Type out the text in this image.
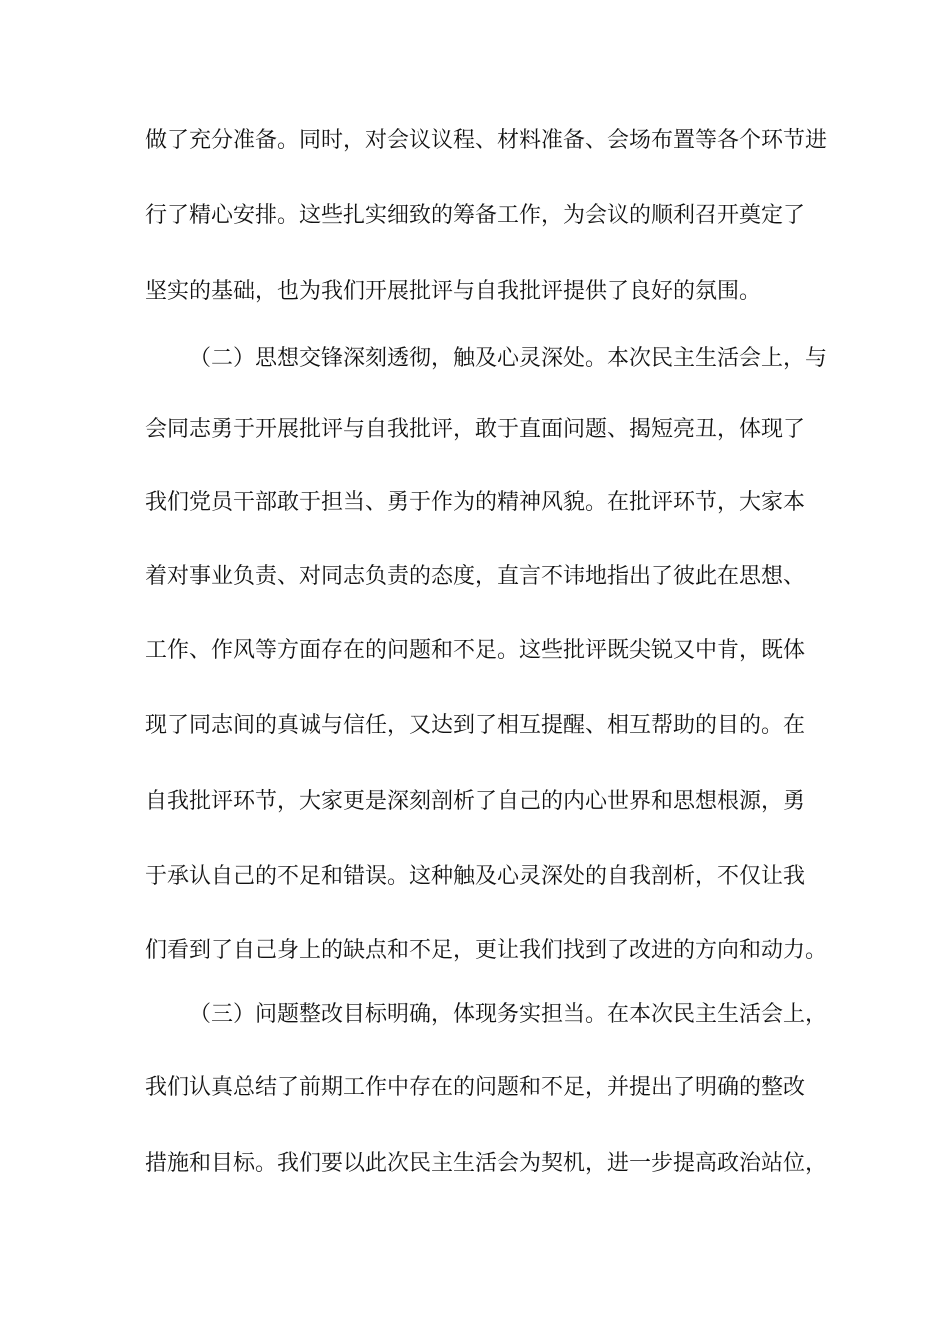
做了充分准备。同时，对会议议程、材料准备、会场布置等各个环节进
行了精心安排。这些扎实细致的筹备工作，为会议的顺利召开奠定了
坚实的基础，也为我们开展批评与自我批评提供了良好的氛围。
（二）思想交锋深刻透彻，触及心灵深处。本次民主生活会上，与
会同志勇于开展批评与自我批评，敢于直面问题、揭短亮丑，体现了
我们党员干部敢于担当、勇于作为的精神风貌。在批评环节，大家本
着对事业负责、对同志负责的态度，直言不讳地指出了彼此在思想、
工作、作风等方面存在的问题和不足。这些批评既尖锐又中肯，既体
现了同志间的真诚与信任，又达到了相互提醒、相互帮助的目的。在
自我批评环节，大家更是深刻剖析了自己的内心世界和思想根源，勇
于承认自己的不足和错误。这种触及心灵深处的自我剖析，不仅让我
们看到了自己身上的缺点和不足，更让我们找到了改进的方向和动力。
（三）问题整改目标明确，体现务实担当。在本次民主生活会上，
我们认真总结了前期工作中存在的问题和不足，并提出了明确的整改
措施和目标。我们要以此次民主生活会为契机，进一步提高政治站位，
